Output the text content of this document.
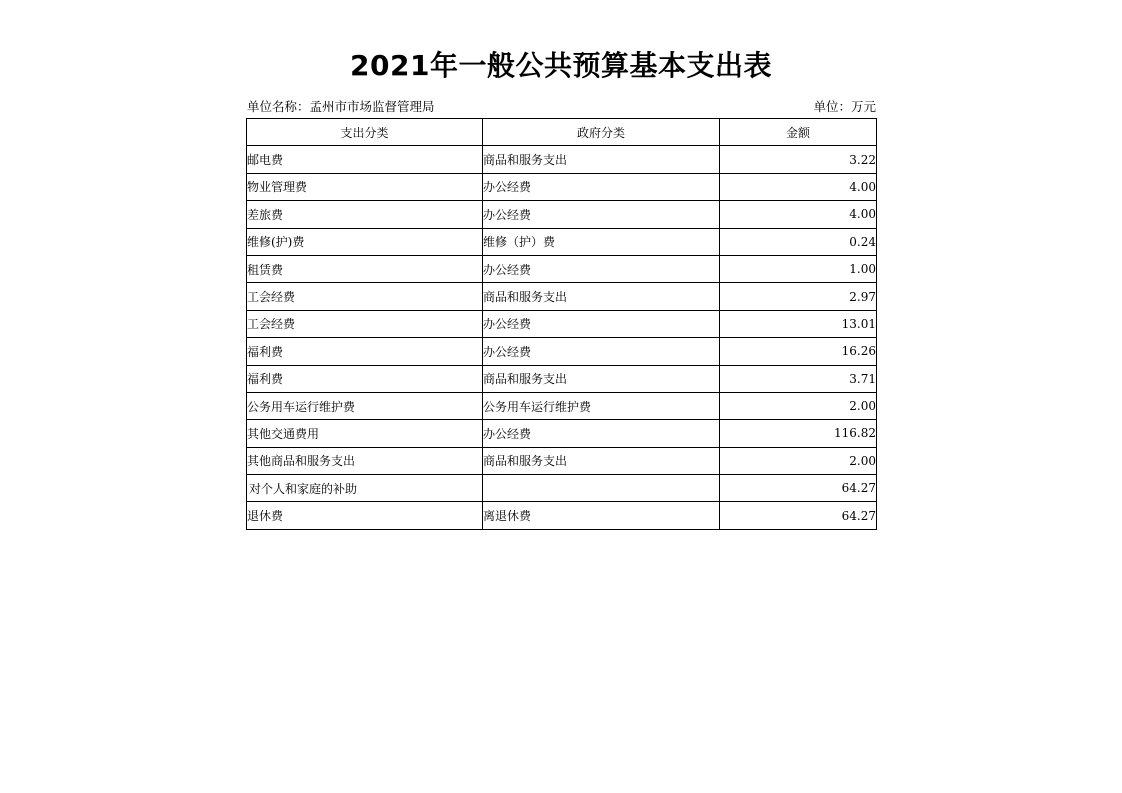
2021年一般公共预算基本支出表
单位名称：孟州市市场监督管理局	单位：万元
支出分类	政府分类	金额
邮电费	商品和服务支出	3.22
物业管理费	办公经费	4.00
差旅费	办公经费	4.00
维修(护)费	维修（护）费	0.24
租赁费	办公经费	1.00
工会经费	商品和服务支出	2.97
工会经费	办公经费	13.01
福利费	办公经费	16.26
福利费	商品和服务支出	3.71
公务用车运行维护费	公务用车运行维护费	2.00
其他交通费用	办公经费	116.82
其他商品和服务支出	商品和服务支出	2.00
对个人和家庭的补助		64.27
退休费	离退休费	64.27
